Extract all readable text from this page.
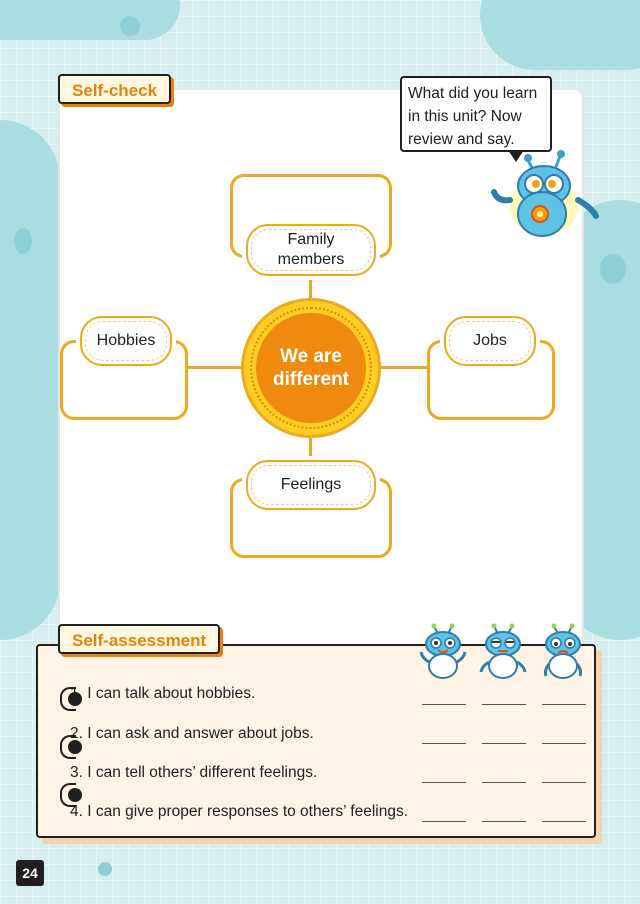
Self-check	What did you learn
in this unit? Now
review and say.
Family
members
Hobbies	Jobs
Feelings
We are
different
Self-assessment
1. I can talk about hobbies.
2. I can ask and answer about jobs.
3. I can tell others’ different feelings.
4. I can give proper responses to others’ feelings.
24
